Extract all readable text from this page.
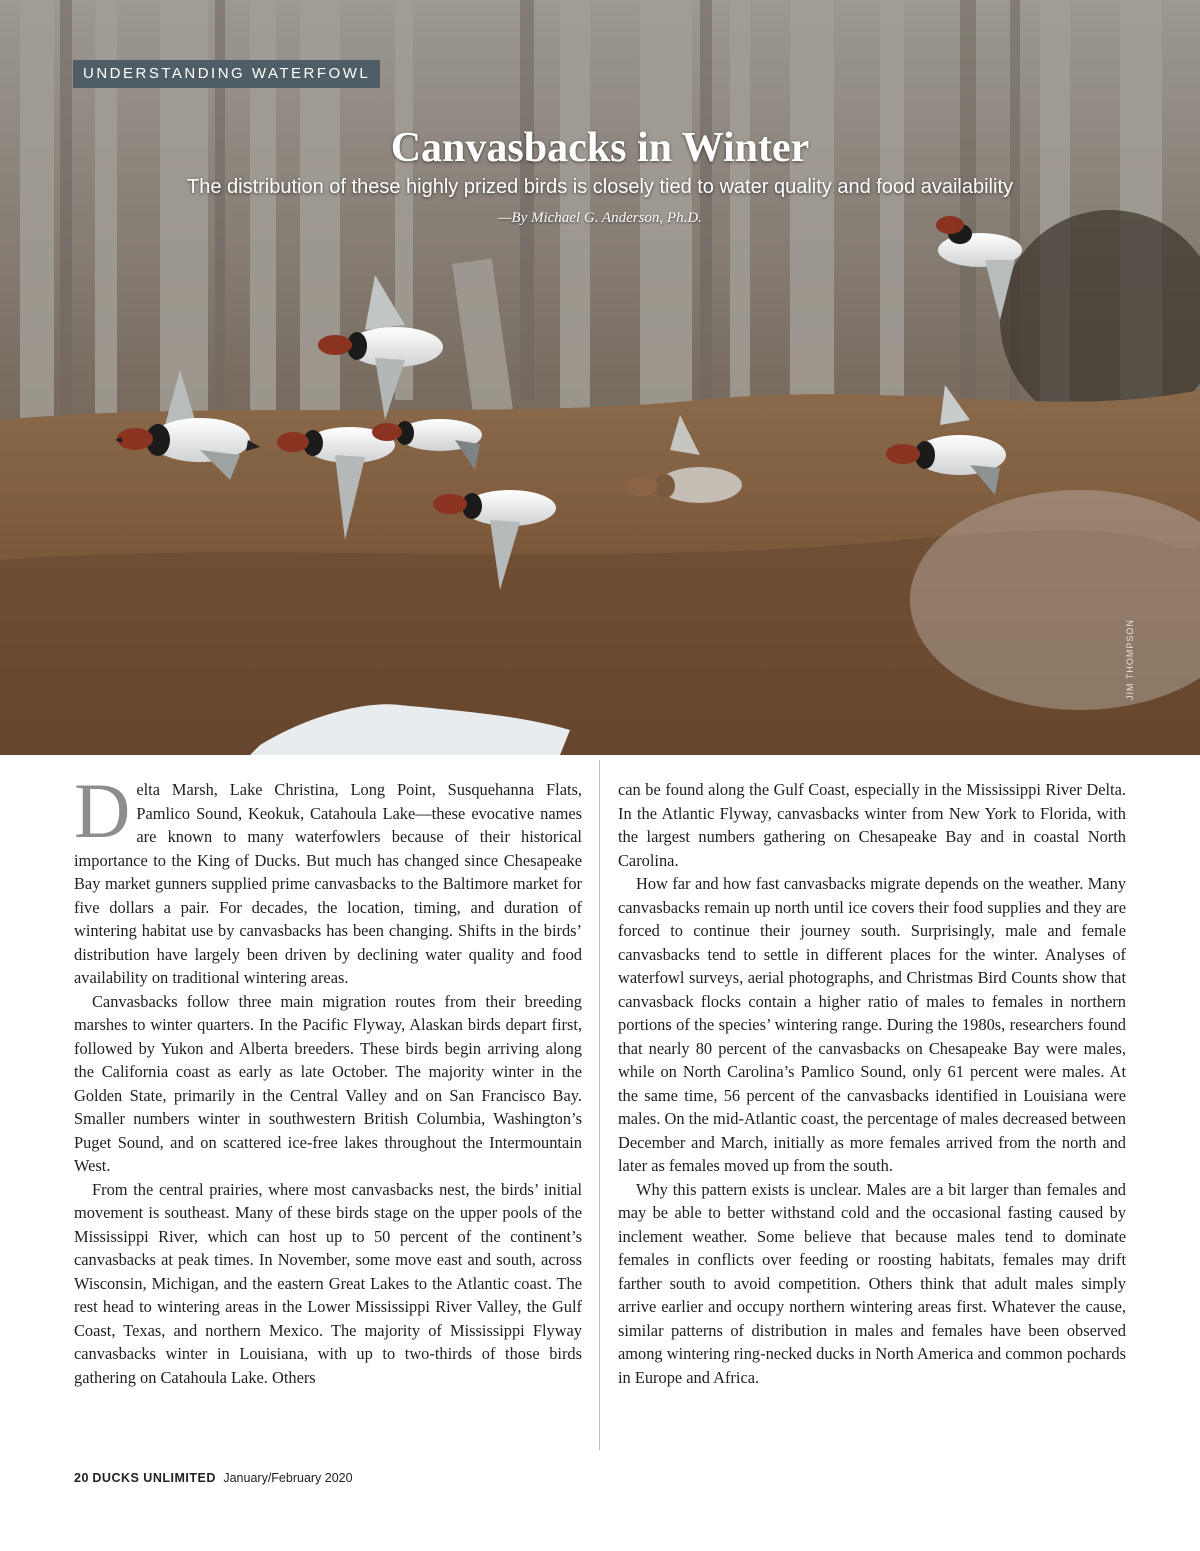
UNDERSTANDING WATERFOWL
Canvasbacks in Winter
The distribution of these highly prized birds is closely tied to water quality and food availability
—By Michael G. Anderson, Ph.D.
JIM THOMPSON

Delta Marsh, Lake Christina, Long Point, Susquehanna Flats, Pamlico Sound, Keokuk, Catahoula Lake—these evocative names are known to many waterfowlers because of their historical importance to the King of Ducks. But much has changed since Chesapeake Bay market gunners supplied prime canvasbacks to the Baltimore market for five dollars a pair. For decades, the location, timing, and duration of wintering habitat use by canvasbacks has been changing. Shifts in the birds’ distribution have largely been driven by declining water quality and food availability on traditional wintering areas.

Canvasbacks follow three main migration routes from their breeding marshes to winter quarters. In the Pacific Flyway, Alaskan birds depart first, followed by Yukon and Alberta breeders. These birds begin arriving along the California coast as early as late October. The majority winter in the Golden State, primarily in the Central Valley and on San Francisco Bay. Smaller numbers winter in southwestern British Columbia, Washington’s Puget Sound, and on scattered ice-free lakes throughout the Intermountain West.

From the central prairies, where most canvasbacks nest, the birds’ initial movement is southeast. Many of these birds stage on the upper pools of the Mississippi River, which can host up to 50 percent of the continent’s canvasbacks at peak times. In November, some move east and south, across Wisconsin, Michigan, and the eastern Great Lakes to the Atlantic coast. The rest head to wintering areas in the Lower Mississippi River Valley, the Gulf Coast, Texas, and northern Mexico. The majority of Mississippi Flyway canvasbacks winter in Louisiana, with up to two-thirds of those birds gathering on Catahoula Lake. Others

can be found along the Gulf Coast, especially in the Mississippi River Delta. In the Atlantic Flyway, canvasbacks winter from New York to Florida, with the largest numbers gathering on Chesapeake Bay and in coastal North Carolina.

How far and how fast canvasbacks migrate depends on the weather. Many canvasbacks remain up north until ice covers their food supplies and they are forced to continue their journey south. Surprisingly, male and female canvasbacks tend to settle in different places for the winter. Analyses of waterfowl surveys, aerial photographs, and Christmas Bird Counts show that canvasback flocks contain a higher ratio of males to females in northern portions of the species’ wintering range. During the 1980s, researchers found that nearly 80 percent of the canvasbacks on Chesapeake Bay were males, while on North Carolina’s Pamlico Sound, only 61 percent were males. At the same time, 56 percent of the canvasbacks identified in Louisiana were males. On the mid-Atlantic coast, the percentage of males decreased between December and March, initially as more females arrived from the north and later as females moved up from the south.

Why this pattern exists is unclear. Males are a bit larger than females and may be able to better withstand cold and the occasional fasting caused by inclement weather. Some believe that because males tend to dominate females in conflicts over feeding or roosting habitats, females may drift farther south to avoid competition. Others think that adult males simply arrive earlier and occupy northern wintering areas first. Whatever the cause, similar patterns of distribution in males and females have been observed among wintering ring-necked ducks in North America and common pochards in Europe and Africa.

20 DUCKS UNLIMITED January/February 2020
